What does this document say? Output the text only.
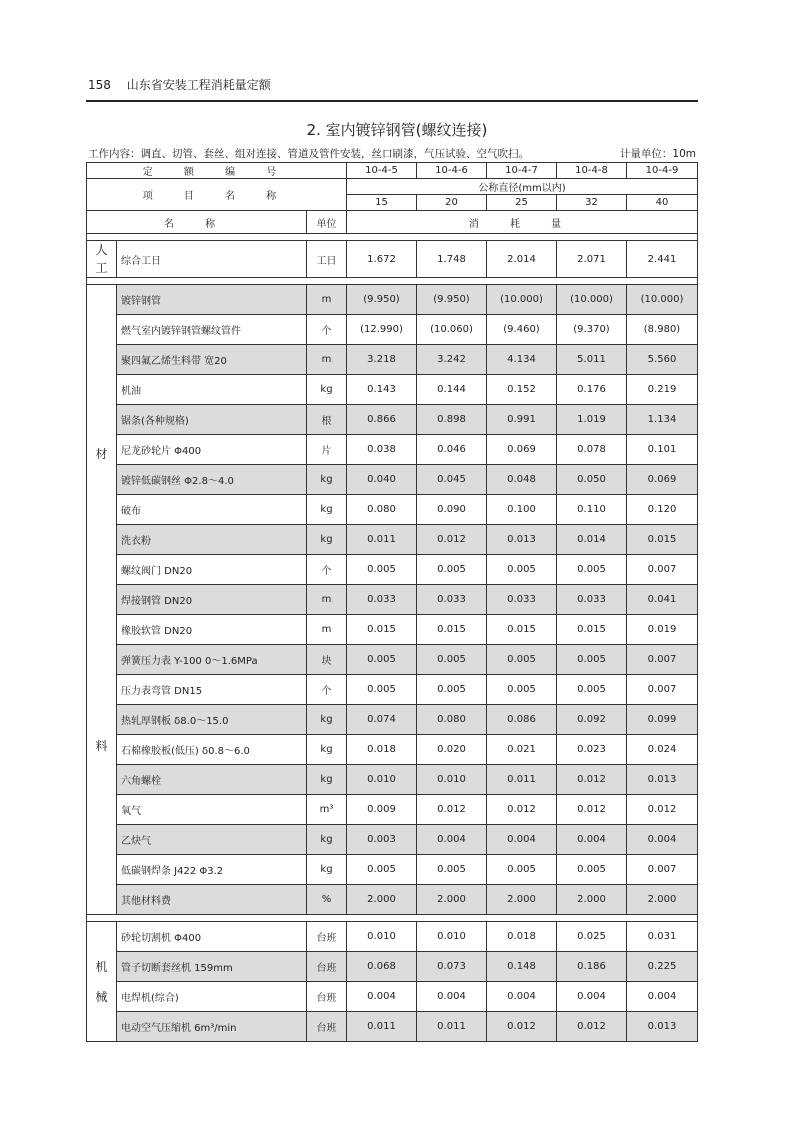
158 山东省安装工程消耗量定额
2. 室内镀锌钢管(螺纹连接)
工作内容：调直、切管、套丝、组对连接、管道及管件安装，丝口刷漆，气压试验、空气吹扫。	计量单位：10m
定 额 编 号			10-4-5	10-4-6	10-4-7	10-4-8	10-4-9
项 目 名 称			公称直径(mm以内)				
			15	20	25	32	40
名 称		单位	消 耗 量				

人
工	综合工日	工日	1.672	1.748	2.014	2.071	2.441

材
料	镀锌钢管	m	(9.950)	(9.950)	(10.000)	(10.000)	(10.000)
	燃气室内镀锌钢管螺纹管件	个	(12.990)	(10.060)	(9.460)	(9.370)	(8.980)
	聚四氟乙烯生料带 宽20	m	3.218	3.242	4.134	5.011	5.560
	机油	kg	0.143	0.144	0.152	0.176	0.219
	锯条(各种规格)	根	0.866	0.898	0.991	1.019	1.134
	尼龙砂轮片 Φ400	片	0.038	0.046	0.069	0.078	0.101
	镀锌低碳钢丝 Φ2.8～4.0	kg	0.040	0.045	0.048	0.050	0.069
	破布	kg	0.080	0.090	0.100	0.110	0.120
	洗衣粉	kg	0.011	0.012	0.013	0.014	0.015
	螺纹阀门 DN20	个	0.005	0.005	0.005	0.005	0.007
	焊接钢管 DN20	m	0.033	0.033	0.033	0.033	0.041
	橡胶软管 DN20	m	0.015	0.015	0.015	0.015	0.019
	弹簧压力表 Y-100 0～1.6MPa	块	0.005	0.005	0.005	0.005	0.007
	压力表弯管 DN15	个	0.005	0.005	0.005	0.005	0.007
	热轧厚钢板 δ8.0～15.0	kg	0.074	0.080	0.086	0.092	0.099
	石棉橡胶板(低压) δ0.8～6.0	kg	0.018	0.020	0.021	0.023	0.024
	六角螺栓	kg	0.010	0.010	0.011	0.012	0.013
	氧气	m³	0.009	0.012	0.012	0.012	0.012
	乙炔气	kg	0.003	0.004	0.004	0.004	0.004
	低碳钢焊条 J422 Φ3.2	kg	0.005	0.005	0.005	0.005	0.007
	其他材料费	%	2.000	2.000	2.000	2.000	2.000

机
械	砂轮切割机 Φ400	台班	0.010	0.010	0.018	0.025	0.031
	管子切断套丝机 159mm	台班	0.068	0.073	0.148	0.186	0.225
	电焊机(综合)	台班	0.004	0.004	0.004	0.004	0.004
	电动空气压缩机 6m³/min	台班	0.011	0.011	0.012	0.012	0.013
